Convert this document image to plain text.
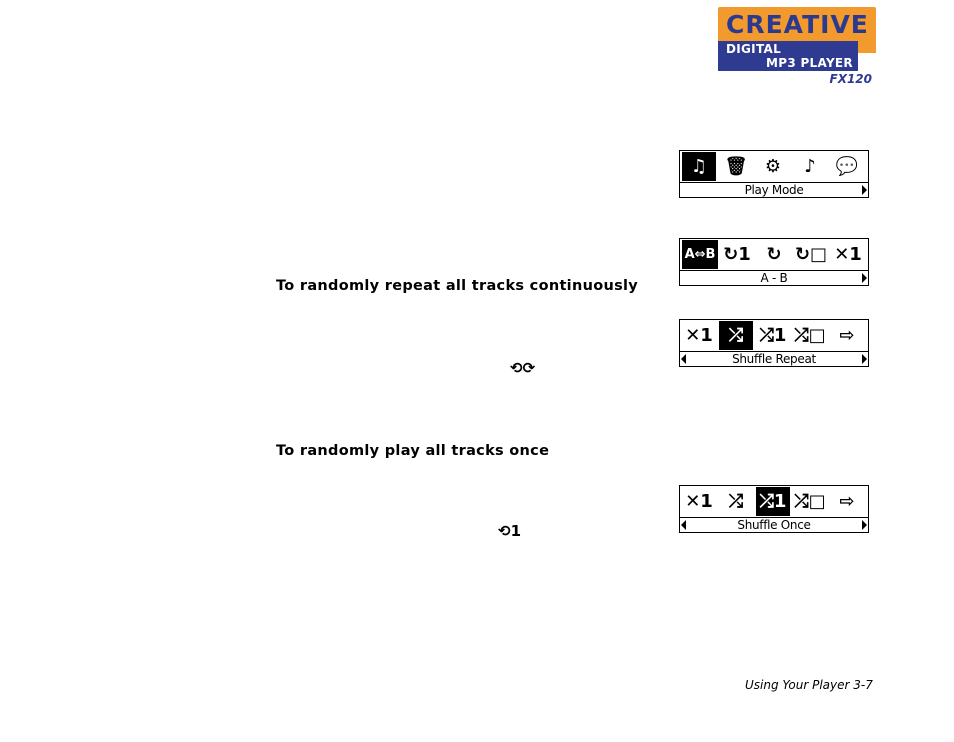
CREATIVE
DIGITAL
MP3 PLAYER
FX120
♫ 🗑 ⚙	♪	💬
Play Mode
A⇔B ↻1 ↻ ↻□ ✕1
A - B
To randomly repeat all tracks continuously
✕1 ⤮ ⤮1 ⤮□ ⇨
Shuffle Repeat
⟲⟳
To randomly play all tracks once
✕1 ⤮ ⤮1 ⤮□ ⇨
Shuffle Once
⟲1
Using Your Player 3-7
